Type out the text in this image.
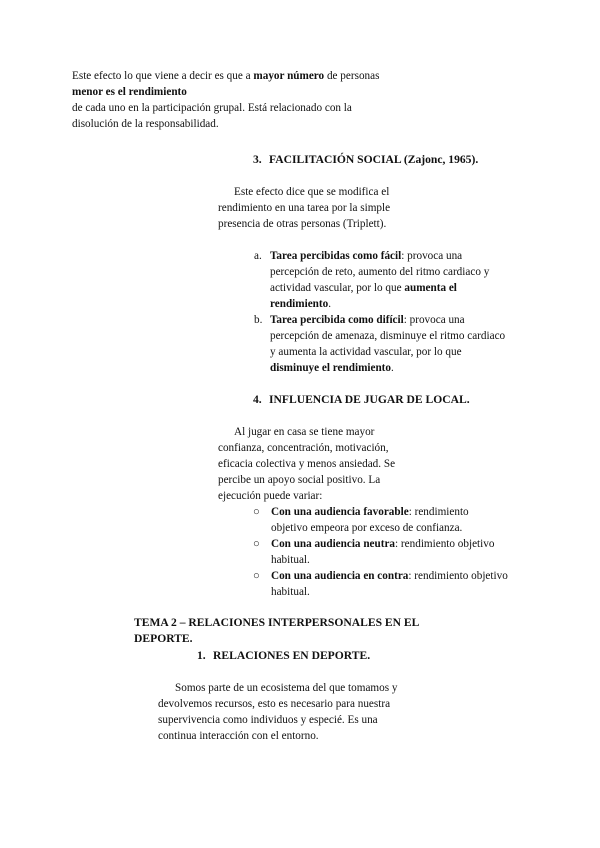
Este efecto lo que viene a decir es que a mayor número de personas
menor es el rendimiento
de cada uno en la participación grupal. Está relacionado con la
disolución de la responsabilidad.
3. FACILITACIÓN SOCIAL (Zajonc, 1965).
Este efecto dice que se modifica el
rendimiento en una tarea por la simple
presencia de otras personas (Triplett).
a. Tarea percibidas como fácil: provoca una
percepción de reto, aumento del ritmo cardiaco y
actividad vascular, por lo que aumenta el
rendimiento.
b. Tarea percibida como difícil: provoca una
percepción de amenaza, disminuye el ritmo cardiaco
y aumenta la actividad vascular, por lo que
disminuye el rendimiento.
4. INFLUENCIA DE JUGAR DE LOCAL.
Al jugar en casa se tiene mayor
confianza, concentración, motivación,
eficacia colectiva y menos ansiedad. Se
percibe un apoyo social positivo. La
ejecución puede variar:
○ Con una audiencia favorable: rendimiento
objetivo empeora por exceso de confianza.
○ Con una audiencia neutra: rendimiento objetivo
habitual.
○ Con una audiencia en contra: rendimiento objetivo
habitual.
TEMA 2 – RELACIONES INTERPERSONALES EN EL
DEPORTE.
1. RELACIONES EN DEPORTE.
Somos parte de un ecosistema del que tomamos y
devolvemos recursos, esto es necesario para nuestra
supervivencia como individuos y especié. Es una
continua interacción con el entorno.
